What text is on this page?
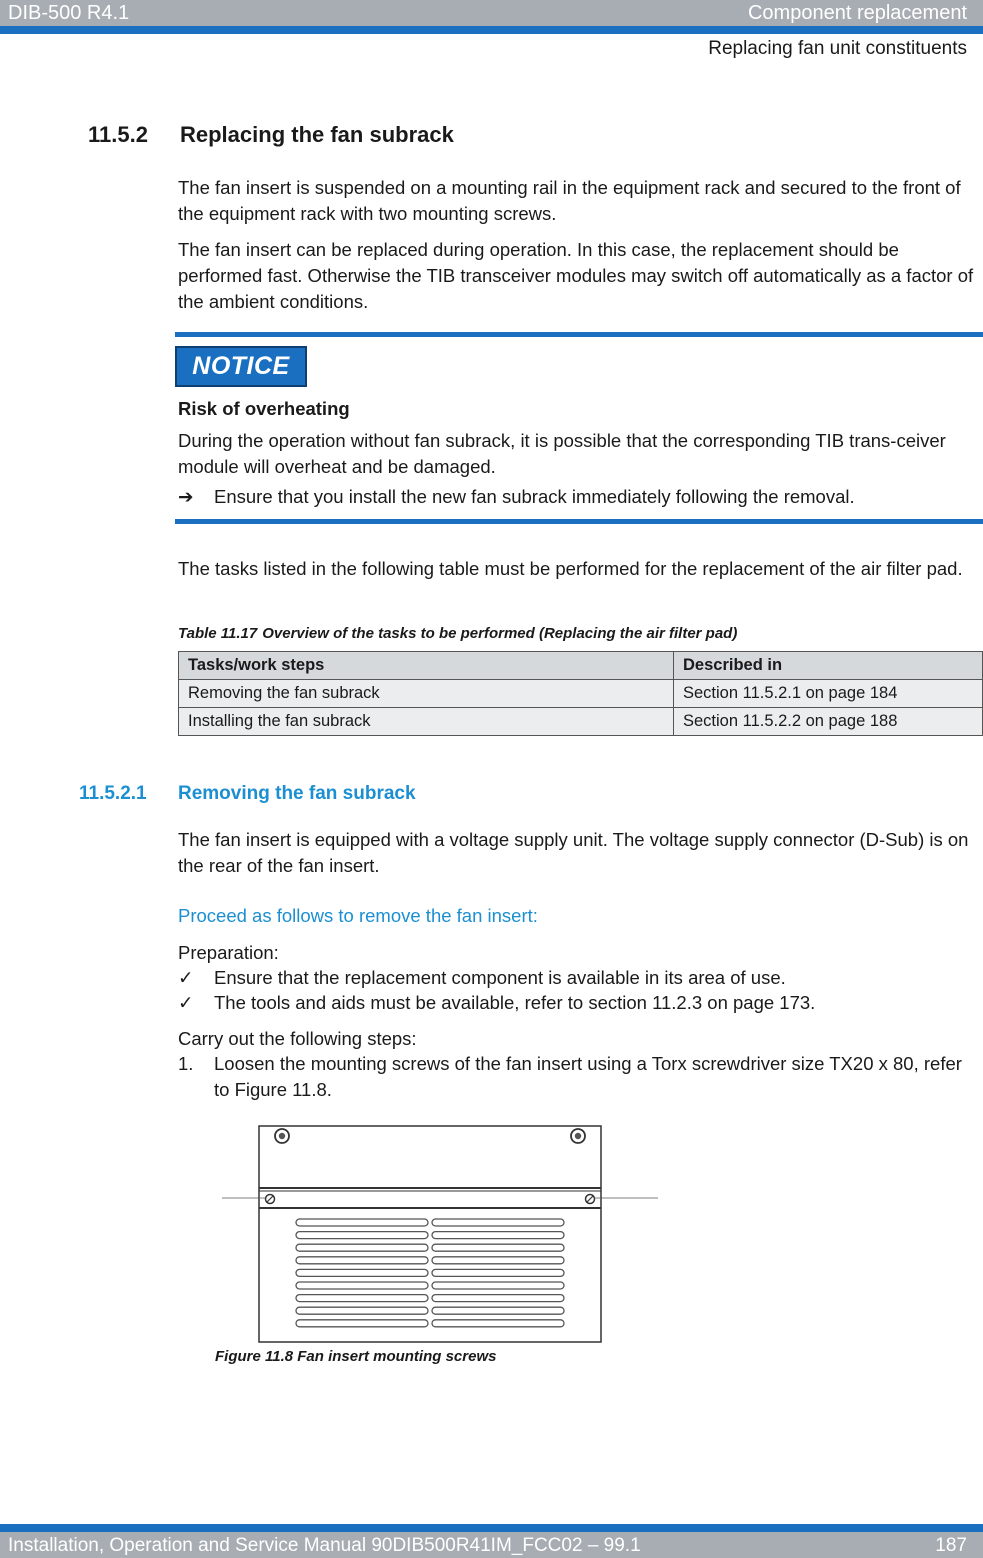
DIB-500 R4.1	Component replacement
Replacing fan unit constituents
11.5.2 Replacing the fan subrack
The fan insert is suspended on a mounting rail in the equipment rack and secured to the front of the equipment rack with two mounting screws.
The fan insert can be replaced during operation. In this case, the replacement should be performed fast. Otherwise the TIB transceiver modules may switch off automatically as a factor of the ambient conditions.
NOTICE
Risk of overheating
During the operation without fan subrack, it is possible that the corresponding TIB trans-ceiver module will overheat and be damaged.
➔ Ensure that you install the new fan subrack immediately following the removal.
The tasks listed in the following table must be performed for the replacement of the air filter pad.
Table 11.17 Overview of the tasks to be performed (Replacing the air filter pad)
Tasks/work steps	Described in
Removing the fan subrack	Section 11.5.2.1 on page 184
Installing the fan subrack	Section 11.5.2.2 on page 188
11.5.2.1 Removing the fan subrack
The fan insert is equipped with a voltage supply unit. The voltage supply connector (D-Sub) is on the rear of the fan insert.
Proceed as follows to remove the fan insert:
Preparation:
✓ Ensure that the replacement component is available in its area of use.
✓ The tools and aids must be available, refer to section 11.2.3 on page 173.
Carry out the following steps:
1. Loosen the mounting screws of the fan insert using a Torx screwdriver size TX20 x 80, refer to Figure 11.8.
Figure 11.8 Fan insert mounting screws
Installation, Operation and Service Manual 90DIB500R41IM_FCC02 – 99.1	187
